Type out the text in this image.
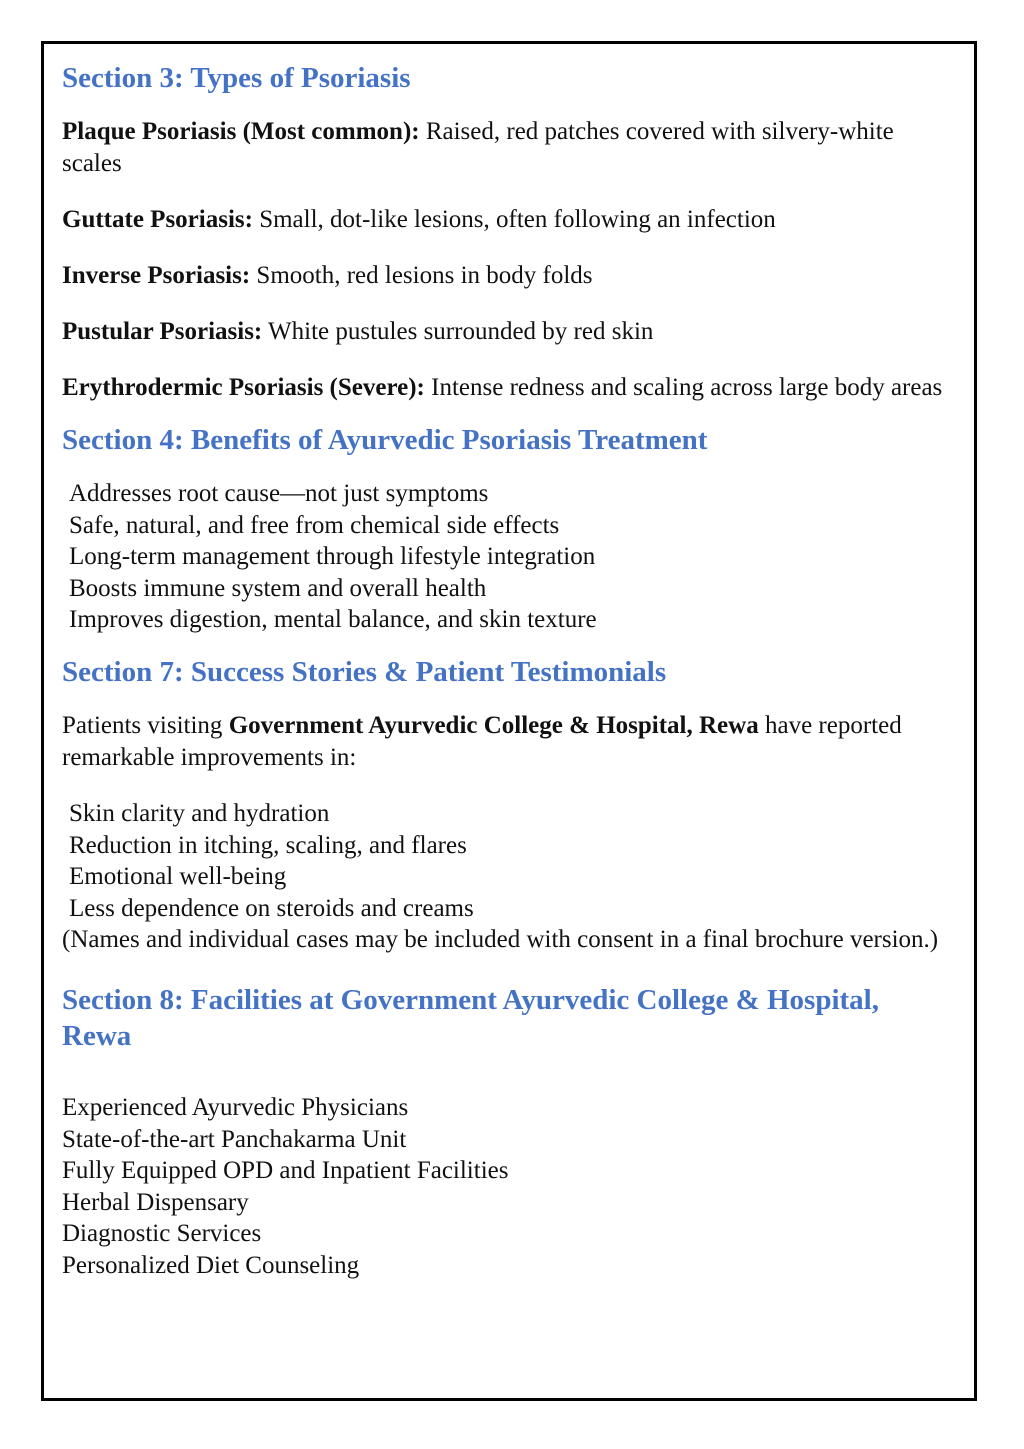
Section 3: Types of Psoriasis

Plaque Psoriasis (Most common): Raised, red patches covered with silvery-white scales

Guttate Psoriasis: Small, dot-like lesions, often following an infection

Inverse Psoriasis: Smooth, red lesions in body folds

Pustular Psoriasis: White pustules surrounded by red skin

Erythrodermic Psoriasis (Severe): Intense redness and scaling across large body areas

Section 4: Benefits of Ayurvedic Psoriasis Treatment
Addresses root cause—not just symptoms
Safe, natural, and free from chemical side effects
Long-term management through lifestyle integration
Boosts immune system and overall health
Improves digestion, mental balance, and skin texture
Section 7: Success Stories & Patient Testimonials

Patients visiting Government Ayurvedic College & Hospital, Rewa have reported remarkable improvements in:

Skin clarity and hydration
Reduction in itching, scaling, and flares
Emotional well-being
Less dependence on steroids and creams

(Names and individual cases may be included with consent in a final brochure version.)

Section 8: Facilities at Government Ayurvedic College & Hospital, Rewa
Experienced Ayurvedic Physicians
State-of-the-art Panchakarma Unit
Fully Equipped OPD and Inpatient Facilities
Herbal Dispensary
Diagnostic Services
Personalized Diet Counseling
